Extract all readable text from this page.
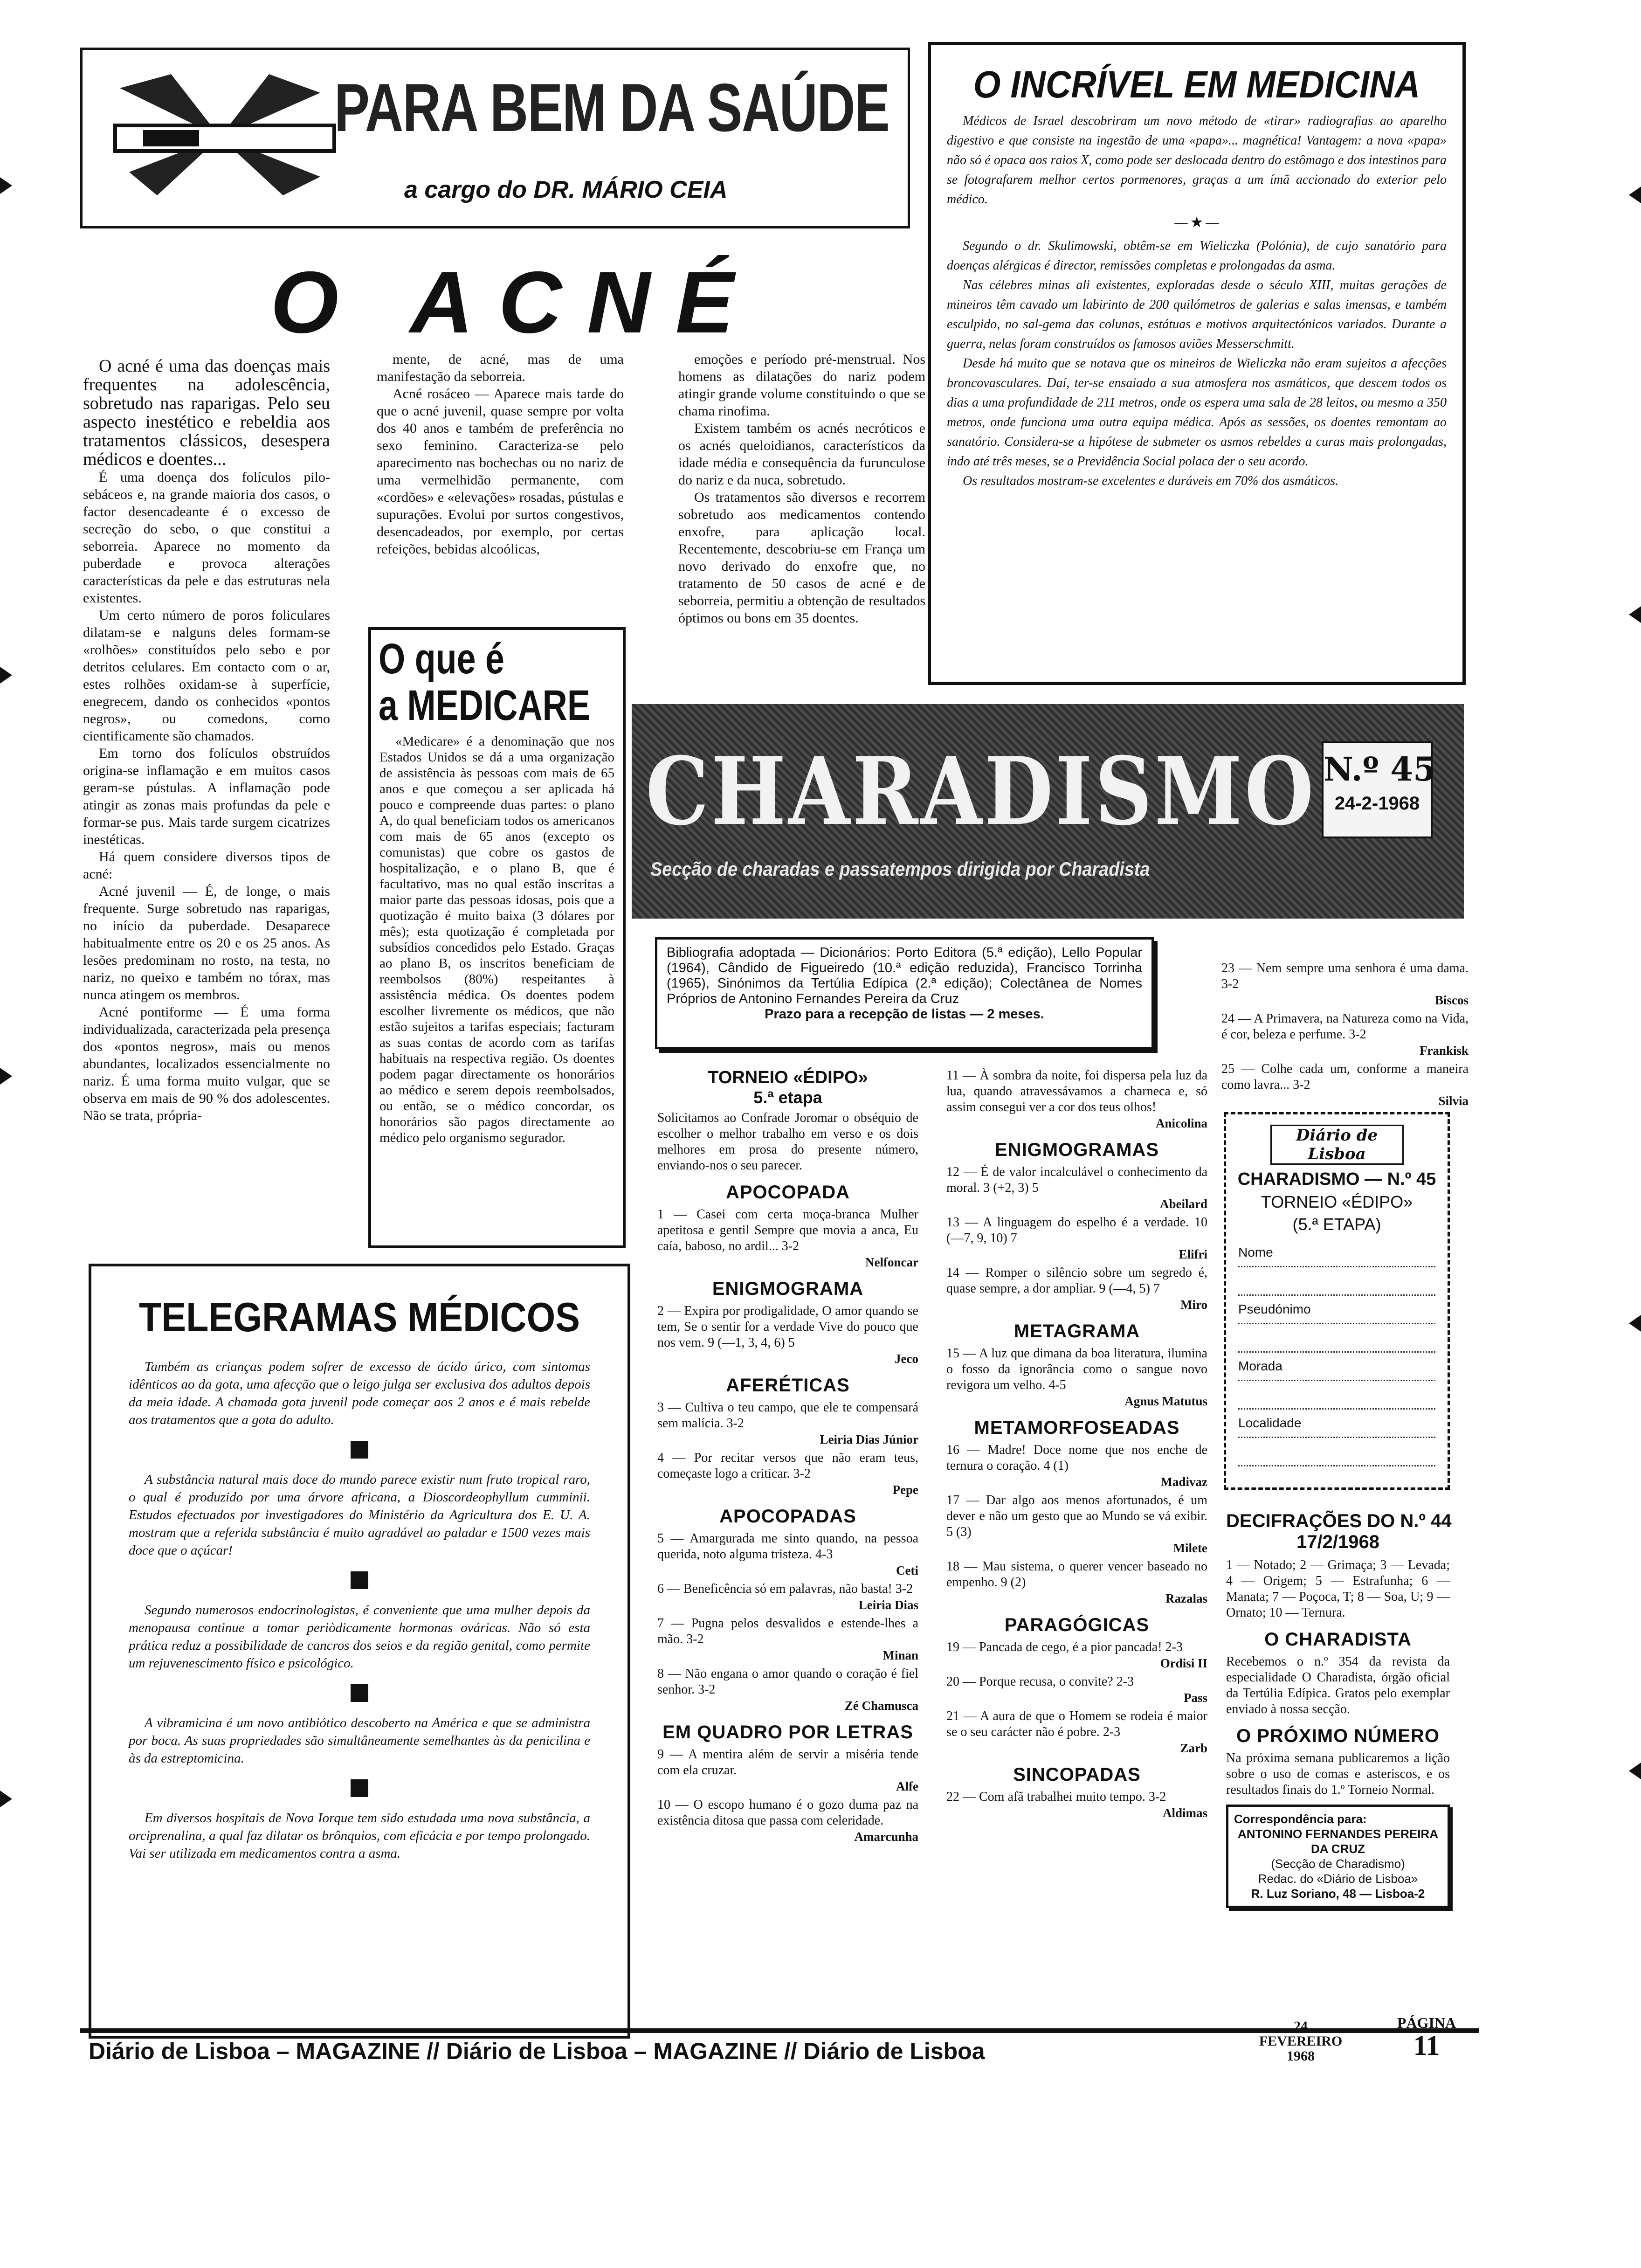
PARA BEM DA SAÚDE
a cargo do DR. MÁRIO CEIA
O INCRÍVEL EM MEDICINA

Médicos de Israel descobriram um novo método de «tirar» radiografias ao aparelho digestivo e que consiste na ingestão de uma «papa»... magnética! Vantagem: a nova «papa» não só é opaca aos raios X, como pode ser deslocada dentro do estômago e dos intestinos para se fotografarem melhor certos pormenores, graças a um ímã accionado do exterior pelo médico.

— ★ —

Segundo o dr. Skulimowski, obtêm-se em Wieliczka (Polónia), de cujo sanatório para doenças alérgicas é director, remissões completas e prolongadas da asma.

Nas célebres minas ali existentes, exploradas desde o século XIII, muitas gerações de mineiros têm cavado um labirinto de 200 quilómetros de galerias e salas imensas, e também esculpido, no sal-gema das colunas, estátuas e motivos arquitectónicos variados. Durante a guerra, nelas foram construídos os famosos aviões Messerschmitt.

Desde há muito que se notava que os mineiros de Wieliczka não eram sujeitos a afecções broncovasculares. Daí, ter-se ensaiado a sua atmosfera nos asmáticos, que descem todos os dias a uma profundidade de 211 metros, onde os espera uma sala de 28 leitos, ou mesmo a 350 metros, onde funciona uma outra equipa médica. Após as sessões, os doentes remontam ao sanatório. Considera-se a hipótese de submeter os asmos rebeldes a curas mais prolongadas, indo até três meses, se a Previdência Social polaca der o seu acordo.

Os resultados mostram-se excelentes e duráveis em 70% dos asmáticos.

O ACNÉ

O acné é uma das doenças mais frequentes na adolescência, sobretudo nas raparigas. Pelo seu aspecto inestético e rebeldia aos tratamentos clássicos, desespera médicos e doentes...

É uma doença dos folículos pilo-sebáceos e, na grande maioria dos casos, o factor desencadeante é o excesso de secreção do sebo, o que constitui a seborreia. Aparece no momento da puberdade e provoca alterações características da pele e das estruturas nela existentes.

Um certo número de poros foliculares dilatam-se e nalguns deles formam-se «rolhões» constituídos pelo sebo e por detritos celulares. Em contacto com o ar, estes rolhões oxidam-se à superfície, enegrecem, dando os conhecidos «pontos negros», ou comedons, como cientificamente são chamados.

Em torno dos folículos obstruídos origina-se inflamação e em muitos casos geram-se pústulas. A inflamação pode atingir as zonas mais profundas da pele e formar-se pus. Mais tarde surgem cicatrizes inestéticas.

Há quem considere diversos tipos de acné:

Acné juvenil — É, de longe, o mais frequente. Surge sobretudo nas raparigas, no início da puberdade. Desaparece habitualmente entre os 20 e os 25 anos. As lesões predominam no rosto, na testa, no nariz, no queixo e também no tórax, mas nunca atingem os membros.

Acné pontiforme — É uma forma individualizada, caracterizada pela presença dos «pontos negros», mais ou menos abundantes, localizados essencialmente no nariz. É uma forma muito vulgar, que se observa em mais de 90 % dos adolescentes. Não se trata, própria-

mente, de acné, mas de uma manifestação da seborreia.

Acné rosáceo — Aparece mais tarde do que o acné juvenil, quase sempre por volta dos 40 anos e também de preferência no sexo feminino. Caracteriza-se pelo aparecimento nas bochechas ou no nariz de uma vermelhidão permanente, com «cordões» e «elevações» rosadas, pústulas e supurações. Evolui por surtos congestivos, desencadeados, por exemplo, por certas refeições, bebidas alcoólicas,

emoções e período pré-menstrual. Nos homens as dilatações do nariz podem atingir grande volume constituindo o que se chama rinofima.

Existem também os acnés necróticos e os acnés queloidianos, característicos da idade média e consequência da furunculose do nariz e da nuca, sobretudo.

Os tratamentos são diversos e recorrem sobretudo aos medicamentos contendo enxofre, para aplicação local. Recentemente, descobriu-se em França um novo derivado do enxofre que, no tratamento de 50 casos de acné e de seborreia, permitiu a obtenção de resultados óptimos ou bons em 35 doentes.

O que é
a MEDICARE

«Medicare» é a denominação que nos Estados Unidos se dá a uma organização de assistência às pessoas com mais de 65 anos e que começou a ser aplicada há pouco e compreende duas partes: o plano A, do qual beneficiam todos os americanos com mais de 65 anos (excepto os comunistas) que cobre os gastos de hospitalização, e o plano B, que é facultativo, mas no qual estão inscritas a maior parte das pessoas idosas, pois que a quotização é muito baixa (3 dólares por mês); esta quotização é completada por subsídios concedidos pelo Estado. Graças ao plano B, os inscritos beneficiam de reembolsos (80%) respeitantes à assistência médica. Os doentes podem escolher livremente os médicos, que não estão sujeitos a tarifas especiais; facturam as suas contas de acordo com as tarifas habituais na respectiva região. Os doentes podem pagar directamente os honorários ao médico e serem depois reembolsados, ou então, se o médico concordar, os honorários são pagos directamente ao médico pelo organismo segurador.

TELEGRAMAS MÉDICOS

Também as crianças podem sofrer de excesso de ácido úrico, com sintomas idênticos ao da gota, uma afecção que o leigo julga ser exclusiva dos adultos depois da meia idade. A chamada gota juvenil pode começar aos 2 anos e é mais rebelde aos tratamentos que a gota do adulto.

A substância natural mais doce do mundo parece existir num fruto tropical raro, o qual é produzido por uma árvore africana, a Dioscordeophyllum cumminii. Estudos efectuados por investigadores do Ministério da Agricultura dos E. U. A. mostram que a referida substância é muito agradável ao paladar e 1500 vezes mais doce que o açúcar!

Segundo numerosos endocrinologistas, é conveniente que uma mulher depois da menopausa continue a tomar periòdicamente hormonas ováricas. Não só esta prática reduz a possibilidade de cancros dos seios e da região genital, como permite um rejuvenescimento físico e psicológico.

A vibramicina é um novo antibiótico descoberto na América e que se administra por boca. As suas propriedades são simultâneamente semelhantes às da penicilina e às da estreptomicina.

Em diversos hospitais de Nova Iorque tem sido estudada uma nova substância, a orciprenalina, a qual faz dilatar os brônquios, com eficácia e por tempo prolongado. Vai ser utilizada em medicamentos contra a asma.

CHARADISMO N.º 45
24-2-1968
Secção de charadas e passatempos dirigida por Charadista
Bibliografia adoptada — Dicionários: Porto Editora (5.ª edição), Lello Popular (1964), Cândido de Figueiredo (10.ª edição reduzida), Francisco Torrinha (1965), Sinónimos da Tertúlia Edípica (2.ª edição); Colectânea de Nomes Próprios de Antonino Fernandes Pereira da Cruz
Prazo para a recepção de listas — 2 meses.
TORNEIO «ÉDIPO»
5.ª etapa
Solicitamos ao Confrade Joromar o obséquio de escolher o melhor trabalho em verso e os dois melhores em prosa do presente número, enviando-nos o seu parecer.
APOCOPADA
1 — Casei com certa moça-branca Mulher apetitosa e gentil Sempre que movia a anca, Eu caía, baboso, no ardil... 3-2
Nelfoncar
ENIGMOGRAMA
2 — Expira por prodigalidade, O amor quando se tem, Se o sentir for a verdade Vive do pouco que nos vem. 9 (—1, 3, 4, 6) 5
Jeco
AFERÉTICAS
3 — Cultiva o teu campo, que ele te compensará sem malícia. 3-2
Leiria Dias Júnior
4 — Por recitar versos que não eram teus, começaste logo a criticar. 3-2
Pepe
APOCOPADAS
5 — Amargurada me sinto quando, na pessoa querida, noto alguma tristeza. 4-3
Ceti
6 — Beneficência só em palavras, não basta! 3-2
Leiria Dias
7 — Pugna pelos desvalidos e estende-lhes a mão. 3-2
Minan
8 — Não engana o amor quando o coração é fiel senhor. 3-2
Zé Chamusca
EM QUADRO POR LETRAS
9 — A mentira além de servir a miséria tende com ela cruzar.
Alfe
10 — O escopo humano é o gozo duma paz na existência ditosa que passa com celeridade.
Amarcunha
11 — À sombra da noite, foi dispersa pela luz da lua, quando atravessávamos a charneca e, só assim consegui ver a cor dos teus olhos!
Anicolina
ENIGMOGRAMAS
12 — É de valor incalculável o conhecimento da moral. 3 (+2, 3) 5
Abeilard
13 — A linguagem do espelho é a verdade. 10 (—7, 9, 10) 7
Elifri
14 — Romper o silêncio sobre um segredo é, quase sempre, a dor ampliar. 9 (—4, 5) 7
Miro
METAGRAMA
15 — A luz que dimana da boa literatura, ilumina o fosso da ignorância como o sangue novo revigora um velho. 4-5
Agnus Matutus
METAMORFOSEADAS
16 — Madre! Doce nome que nos enche de ternura o coração. 4 (1)
Madivaz
17 — Dar algo aos menos afortunados, é um dever e não um gesto que ao Mundo se vá exibir. 5 (3)
Milete
18 — Mau sistema, o querer vencer baseado no empenho. 9 (2)
Razalas
PARAGÓGICAS
19 — Pancada de cego, é a pior pancada! 2-3
Ordisi II
20 — Porque recusa, o convite? 2-3
Pass
21 — A aura de que o Homem se rodeia é maior se o seu carácter não é pobre. 2-3
Zarb
SINCOPADAS
22 — Com afã trabalhei muito tempo. 3-2
Aldimas
23 — Nem sempre uma senhora é uma dama. 3-2
Biscos
24 — A Primavera, na Natureza como na Vida, é cor, beleza e perfume. 3-2
Frankisk
25 — Colhe cada um, conforme a maneira como lavra... 3-2
Silvia
Diário de Lisboa
CHARADISMO — N.º 45
TORNEIO «ÉDIPO»
(5.ª ETAPA)
Nome
Pseudónimo
Morada
Localidade
DECIFRAÇÕES DO N.º 44
17/2/1968
1 — Notado; 2 — Grimaça; 3 — Levada; 4 — Origem; 5 — Estrafunha; 6 — Manata; 7 — Poçoca, T; 8 — Soa, U; 9 — Ornato; 10 — Ternura.
O CHARADISTA
Recebemos o n.º 354 da revista da especialidade O Charadista, órgão oficial da Tertúlia Edípica. Gratos pelo exemplar enviado à nossa secção.
O PRÓXIMO NÚMERO
Na próxima semana publicaremos a lição sobre o uso de comas e asteriscos, e os resultados finais do 1.º Torneio Normal.
Correspondência para:
ANTONINO FERNANDES PEREIRA DA CRUZ
(Secção de Charadismo)
Redac. do «Diário de Lisboa»
R. Luz Soriano, 48 — Lisboa-2
Diário de Lisboa – MAGAZINE // Diário de Lisboa – MAGAZINE // Diário de Lisboa
24
FEVEREIRO
1968
PÁGINA
11
